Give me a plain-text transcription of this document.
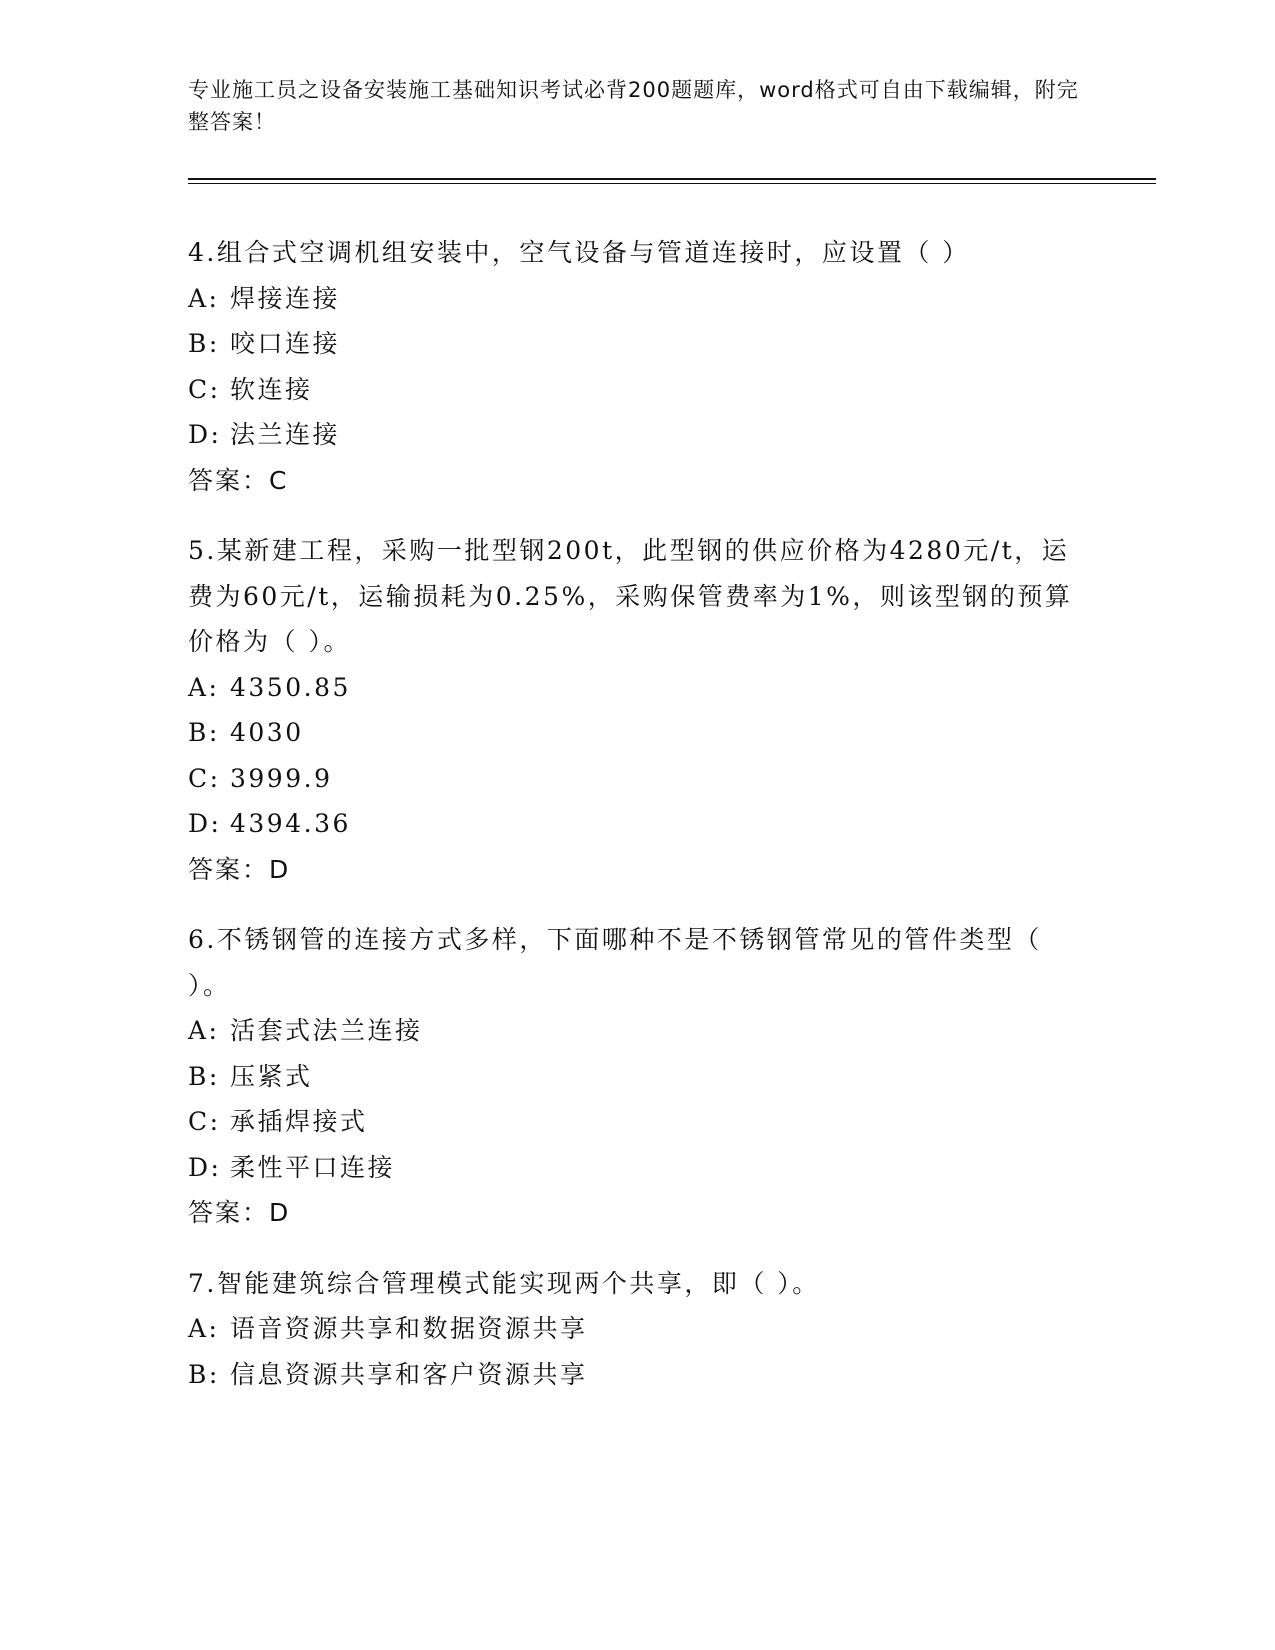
专业施工员之设备安装施工基础知识考试必背200题题库，word格式可自由下载编辑，附完整答案！
4.组合式空调机组安装中，空气设备与管道连接时，应设置（ ）
A: 焊接连接
B: 咬口连接
C: 软连接
D: 法兰连接
答案：C
5.某新建工程，采购一批型钢200t，此型钢的供应价格为4280元/t，运费为60元/t，运输损耗为0.25%，采购保管费率为1%，则该型钢的预算价格为（ ）。
A: 4350.85
B: 4030
C: 3999.9
D: 4394.36
答案：D
6.不锈钢管的连接方式多样，下面哪种不是不锈钢管常见的管件类型（ ）。
A: 活套式法兰连接
B: 压紧式
C: 承插焊接式
D: 柔性平口连接
答案：D
7.智能建筑综合管理模式能实现两个共享，即（ ）。
A: 语音资源共享和数据资源共享
B: 信息资源共享和客户资源共享
